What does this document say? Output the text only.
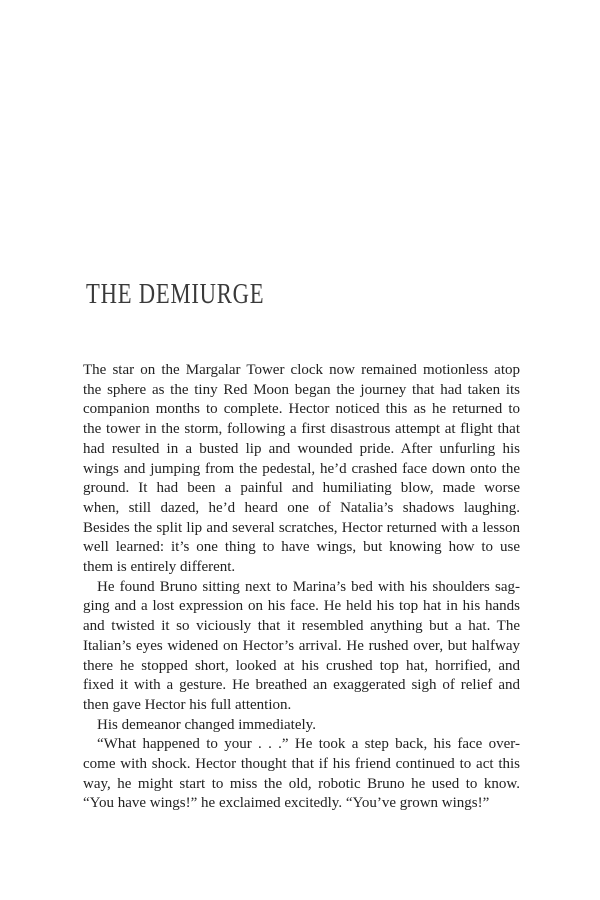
THE DEMIURGE
The star on the Margalar Tower clock now remained motionless atop
the sphere as the tiny Red Moon began the journey that had taken its
companion months to complete. Hector noticed this as he returned to
the tower in the storm, following a first disastrous attempt at flight that
had resulted in a busted lip and wounded pride. After unfurling his
wings and jumping from the pedestal, he’d crashed face down onto the
ground. It had been a painful and humiliating blow, made worse
when, still dazed, he’d heard one of Natalia’s shadows laughing.
Besides the split lip and several scratches, Hector returned with a lesson
well learned: it’s one thing to have wings, but knowing how to use
them is entirely different.
He found Bruno sitting next to Marina’s bed with his shoulders sag-
ging and a lost expression on his face. He held his top hat in his hands
and twisted it so viciously that it resembled anything but a hat. The
Italian’s eyes widened on Hector’s arrival. He rushed over, but halfway
there he stopped short, looked at his crushed top hat, horrified, and
fixed it with a gesture. He breathed an exaggerated sigh of relief and
then gave Hector his full attention.
His demeanor changed immediately.
“What happened to your . . .” He took a step back, his face over-
come with shock. Hector thought that if his friend continued to act this
way, he might start to miss the old, robotic Bruno he used to know.
“You have wings!” he exclaimed excitedly. “You’ve grown wings!”
